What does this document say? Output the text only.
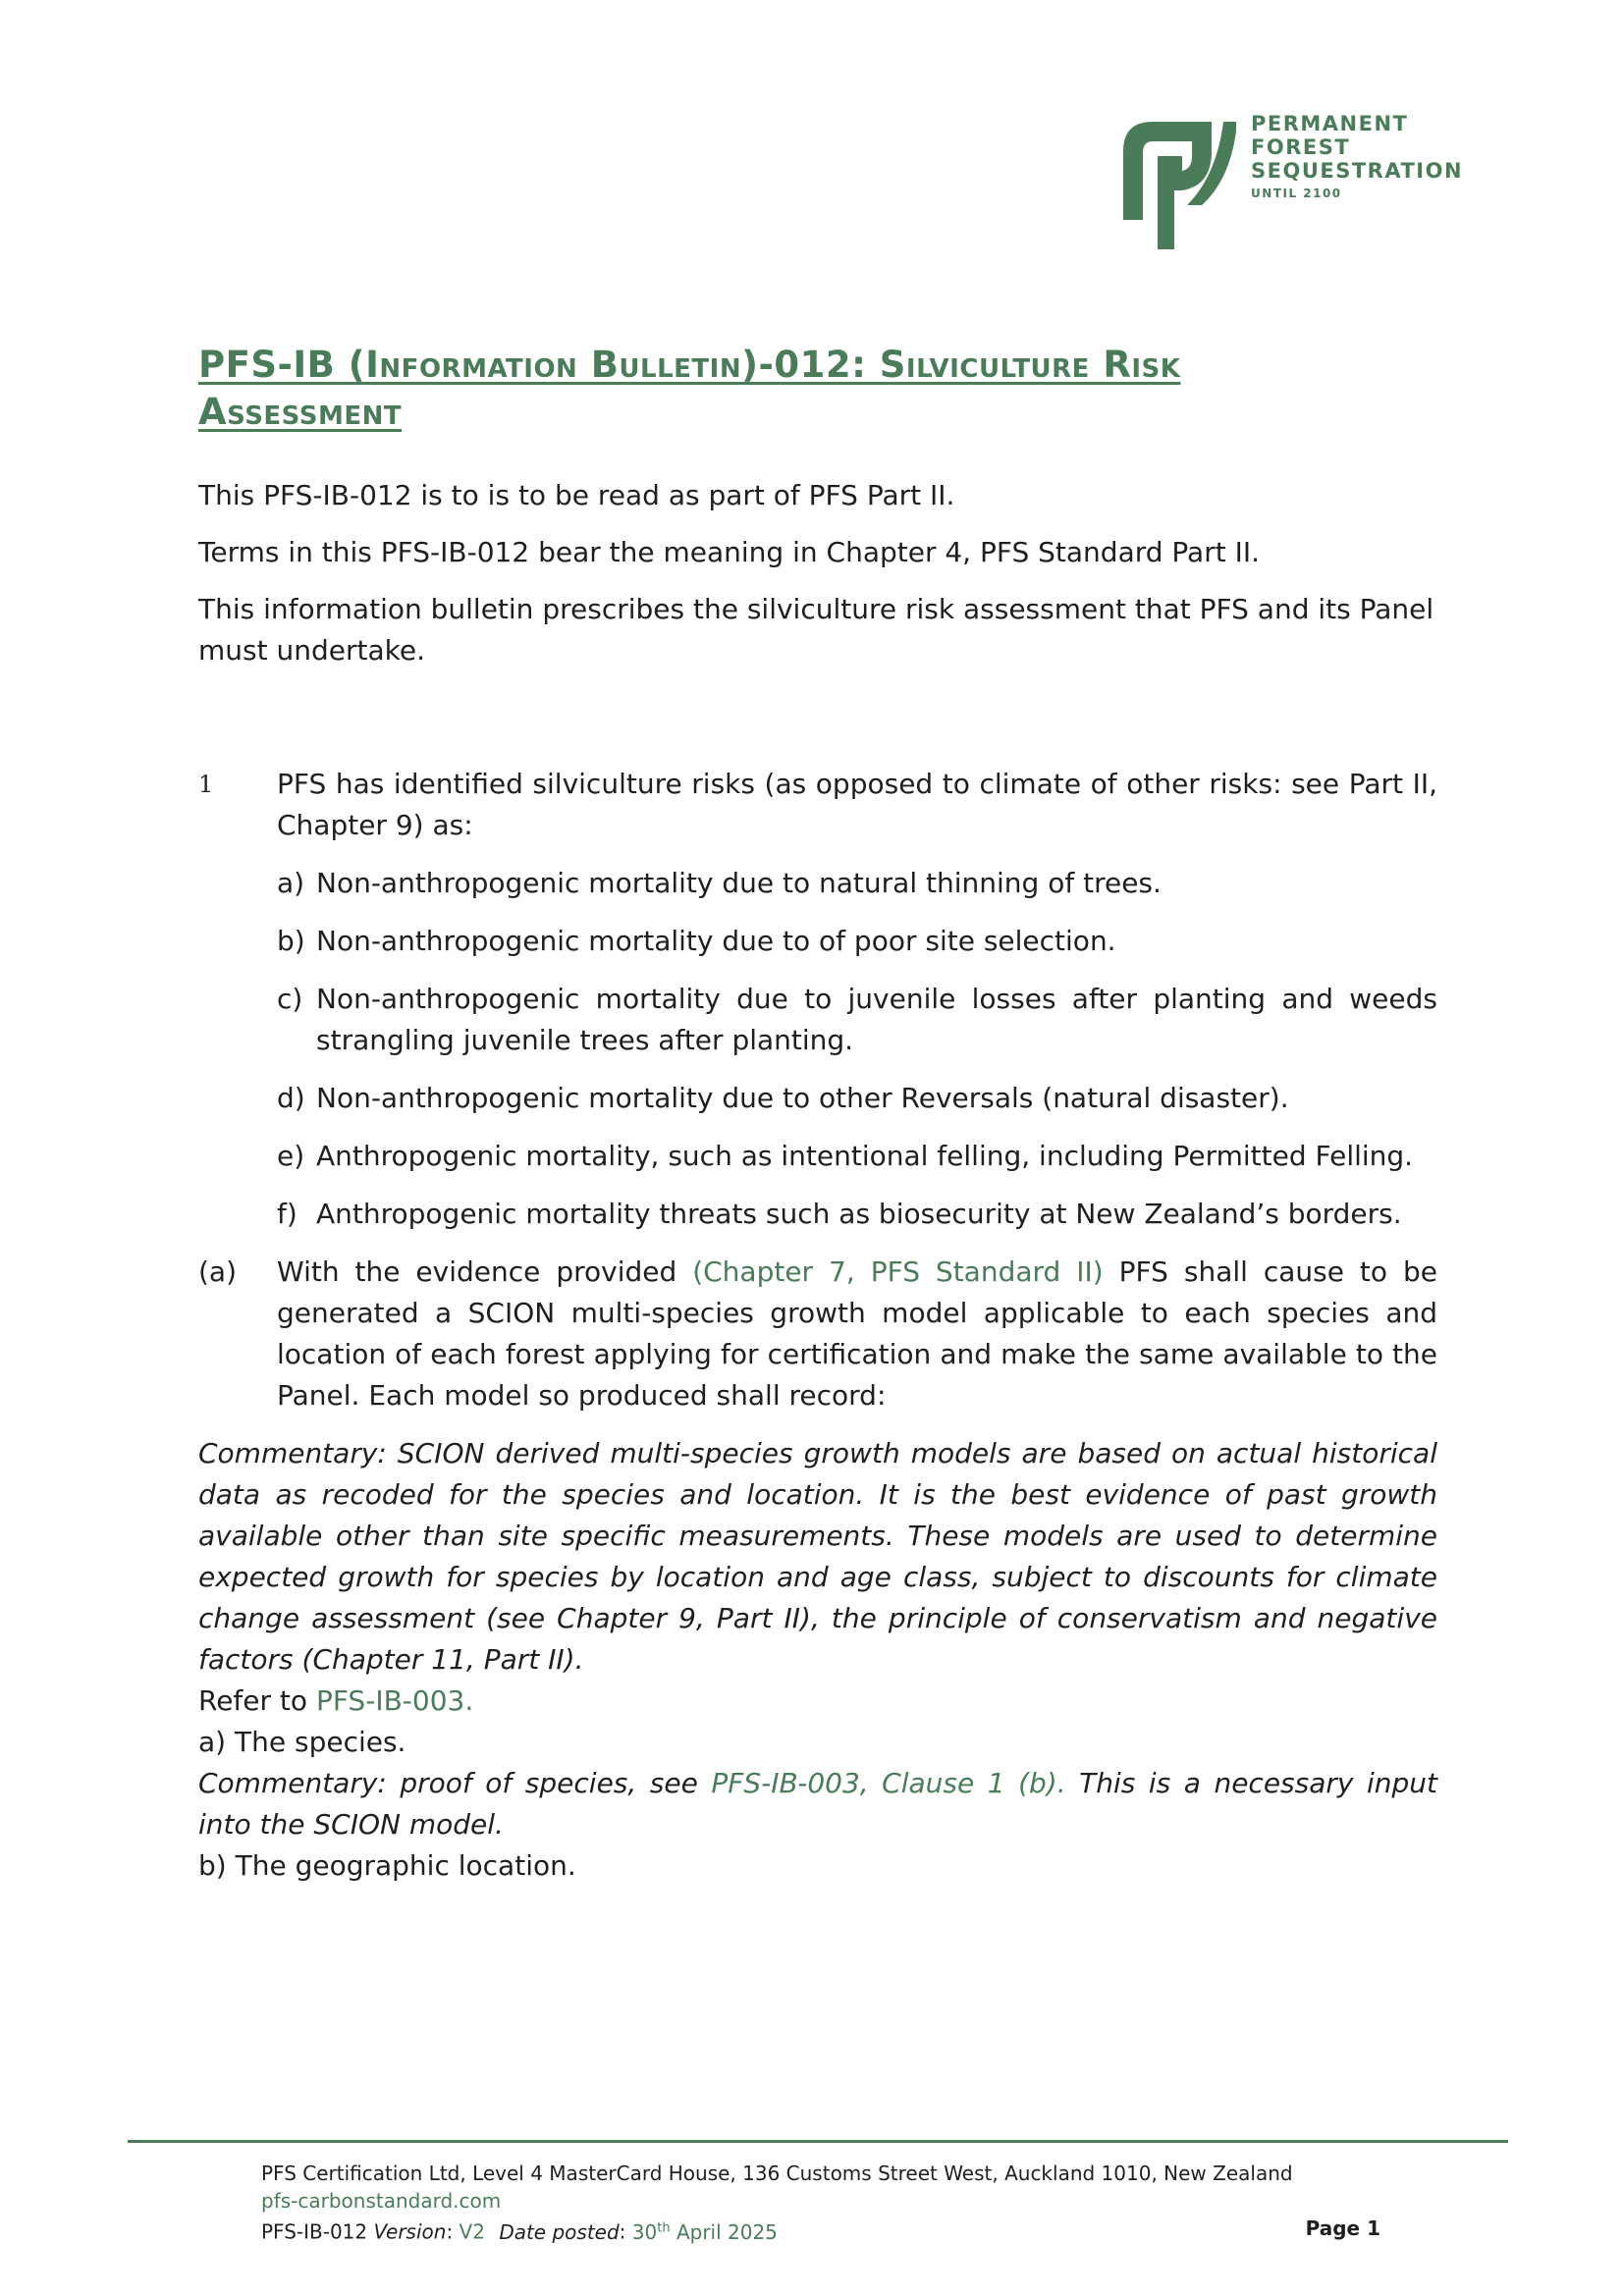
PERMANENT
FOREST
SEQUESTRATION
UNTIL 2100
PFS-IB (Information Bulletin)-012: Silviculture Risk Assessment

This PFS-IB-012 is to is to be read as part of PFS Part II.

Terms in this PFS-IB-012 bear the meaning in Chapter 4, PFS Standard Part II.

This information bulletin prescribes the silviculture risk assessment that PFS and its Panel must undertake.

1 PFS has identified silviculture risks (as opposed to climate of other risks: see Part II, Chapter 9) as:

a) Non-anthropogenic mortality due to natural thinning of trees.

b) Non-anthropogenic mortality due to of poor site selection.

c) Non-anthropogenic mortality due to juvenile losses after planting and weeds strangling juvenile trees after planting.

d) Non-anthropogenic mortality due to other Reversals (natural disaster).

e) Anthropogenic mortality, such as intentional felling, including Permitted Felling.

f) Anthropogenic mortality threats such as biosecurity at New Zealand’s borders.

(a) With the evidence provided (Chapter 7, PFS Standard II) PFS shall cause to be generated a SCION multi-species growth model applicable to each species and location of each forest applying for certification and make the same available to the Panel. Each model so produced shall record:

Commentary: SCION derived multi-species growth models are based on actual historical data as recoded for the species and location. It is the best evidence of past growth available other than site specific measurements. These models are used to determine expected growth for species by location and age class, subject to discounts for climate change assessment (see Chapter 9, Part II), the principle of conservatism and negative factors (Chapter 11, Part II).

Refer to PFS-IB-003.

a) The species.

Commentary: proof of species, see PFS-IB-003, Clause 1 (b). This is a necessary input into the SCION model.

b) The geographic location.

PFS Certification Ltd, Level 4 MasterCard House, 136 Customs Street West, Auckland 1010, New Zealand
pfs-carbonstandard.com
PFS-IB-012 Version: V2 Date posted: 30th April 2025	Page 1
